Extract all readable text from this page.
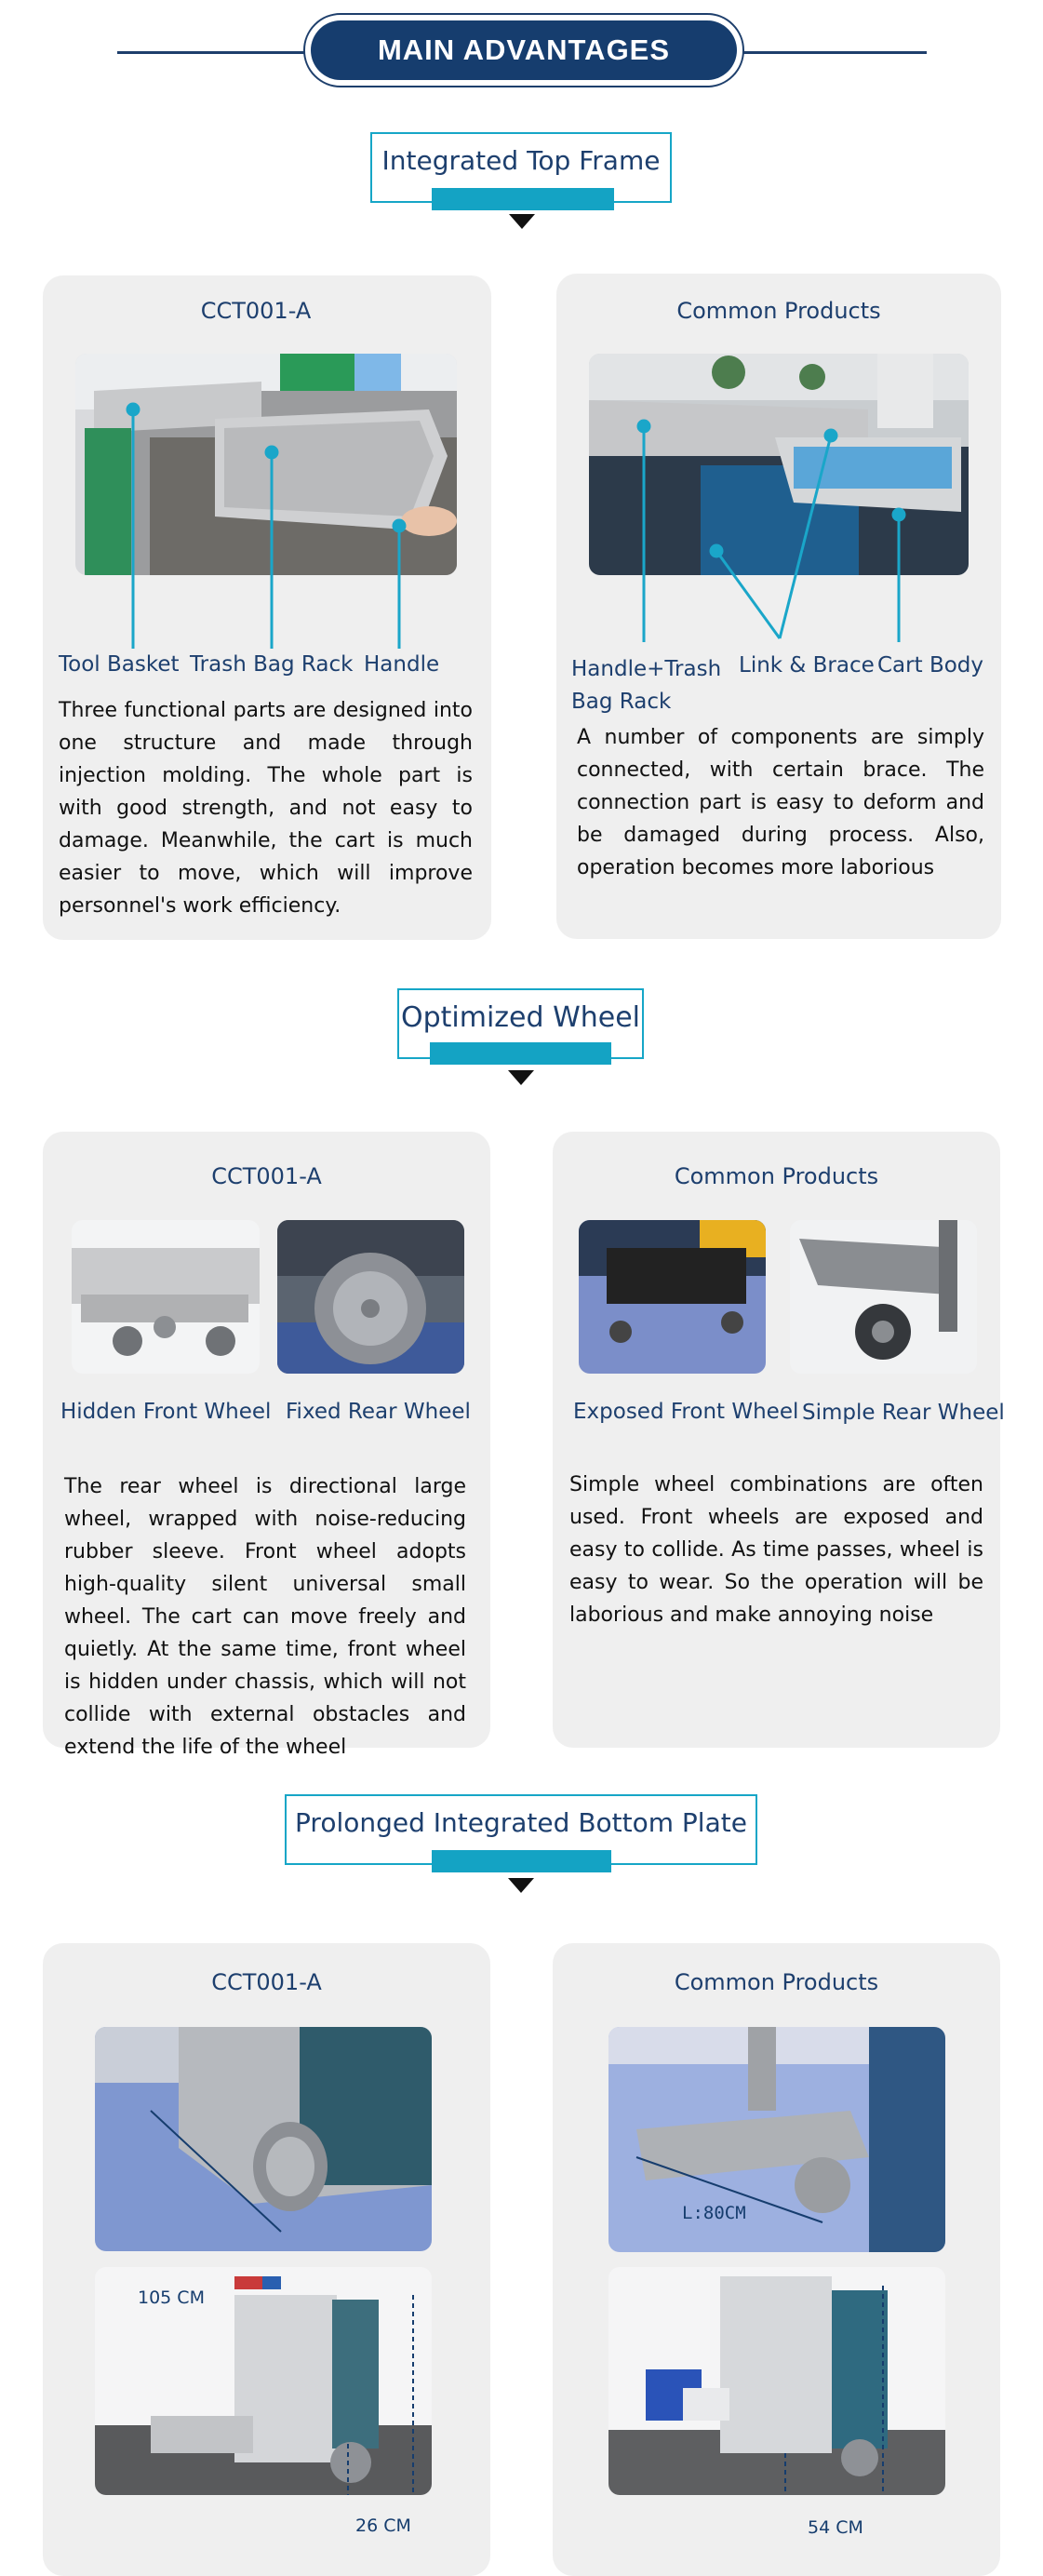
MAIN ADVANTAGES
Integrated Top Frame
CCT001-A
Tool Basket Trash Bag Rack Handle
Three functional parts are designed into one structure and made through injection molding. The whole part is with good strength, and not easy to damage. Meanwhile, the cart is much easier to move, which will improve personnel's work efficiency.
Common Products
Handle+Trash Bag Rack
Link & Brace Cart Body
A number of components are simply connected, with certain brace. The connection part is easy to deform and be damaged during process. Also, operation becomes more laborious
Optimized Wheel
CCT001-A
Hidden Front Wheel Fixed Rear Wheel
The rear wheel is directional large wheel, wrapped with noise-reducing rubber sleeve. Front wheel adopts high-quality silent universal small wheel. The cart can move freely and quietly. At the same time, front wheel is hidden under chassis, which will not collide with external obstacles and extend the life of the wheel
Common Products
Exposed Front Wheel Simple Rear Wheel
Simple wheel combinations are often used. Front wheels are exposed and easy to collide. As time passes, wheel is easy to wear. So the operation will be laborious and make annoying noise
Prolonged Integrated Bottom Plate
CCT001-A
105 CM
26 CM
Common Products
L:80CM
54 CM
